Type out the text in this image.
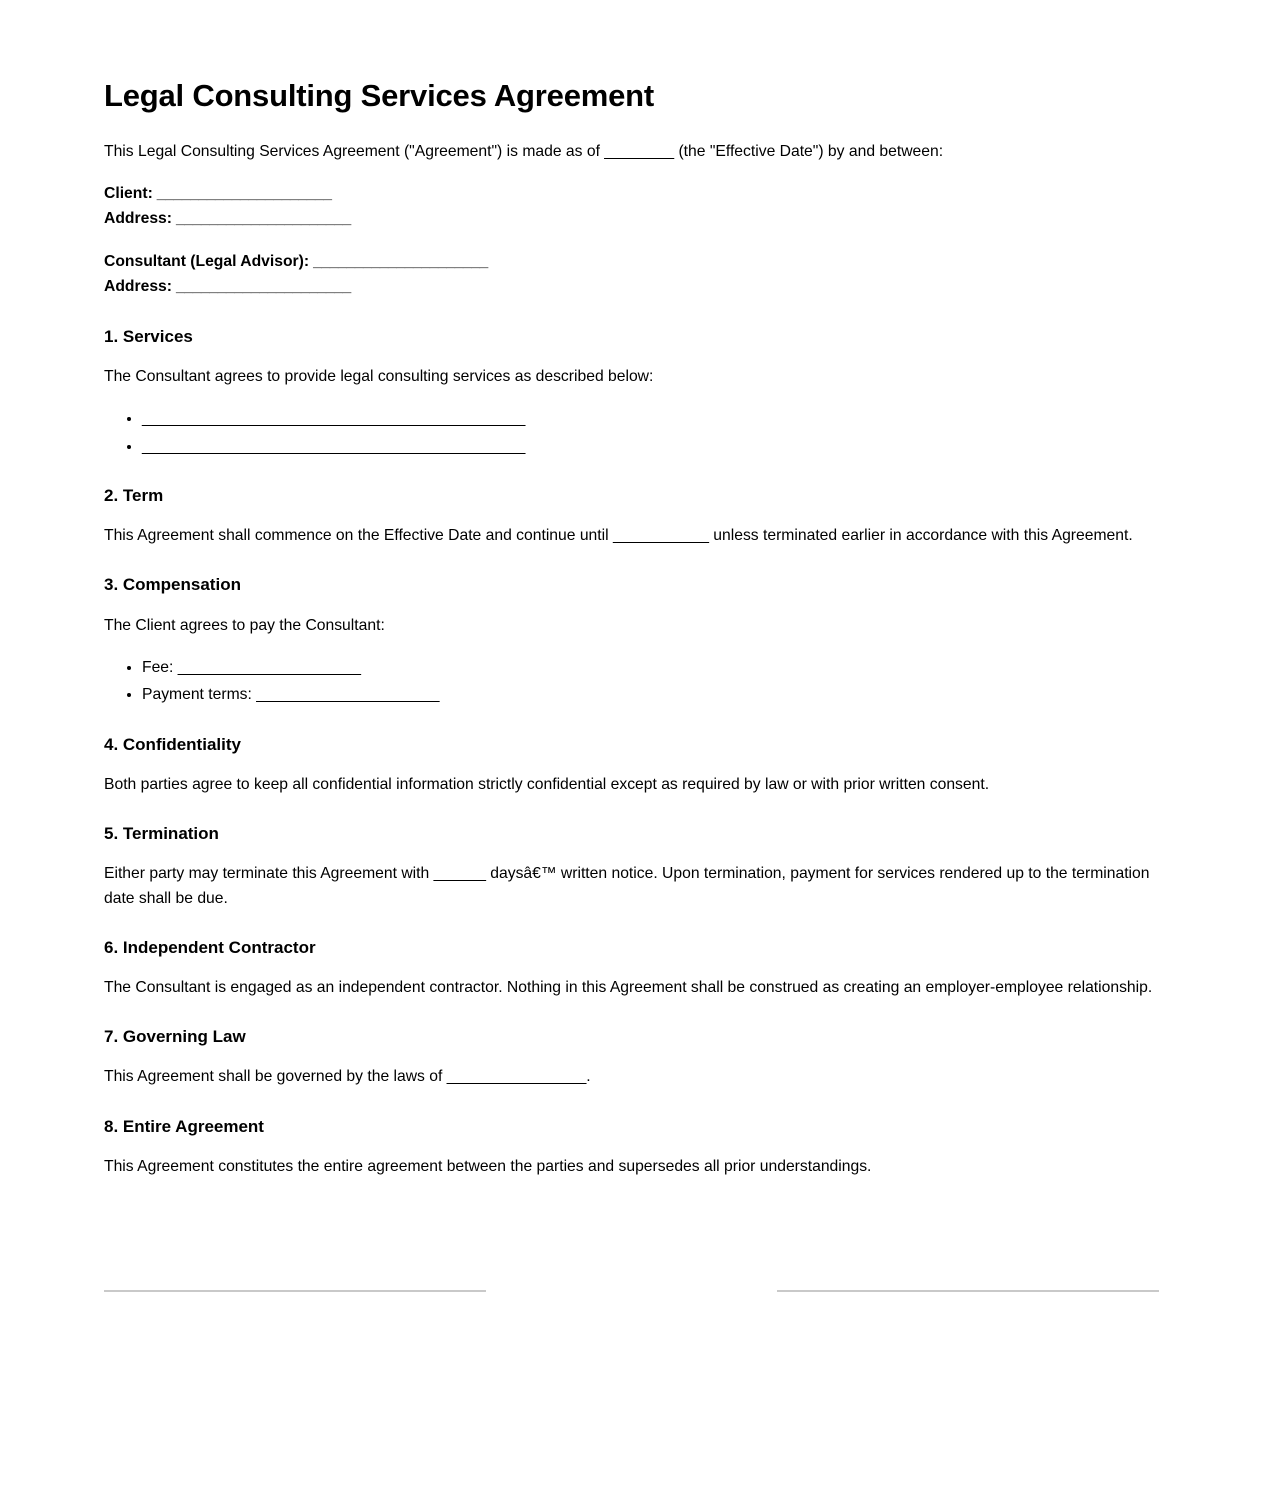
Legal Consulting Services Agreement

This Legal Consulting Services Agreement ("Agreement") is made as of ________ (the "Effective Date") by and between:

Client: _____________________
Address: _____________________
Consultant (Legal Advisor): _____________________
Address: _____________________
1. Services

The Consultant agrees to provide legal consulting services as described below:

• ______________________________________________
• ______________________________________________
2. Term

This Agreement shall commence on the Effective Date and continue until ___________ unless terminated earlier in accordance with this Agreement.

3. Compensation

The Client agrees to pay the Consultant:

• Fee: _____________________
• Payment terms: _____________________
4. Confidentiality

Both parties agree to keep all confidential information strictly confidential except as required by law or with prior written consent.

5. Termination

Either party may terminate this Agreement with ______ daysâ€™ written notice. Upon termination, payment for services rendered up to the termination date shall be due.

6. Independent Contractor

The Consultant is engaged as an independent contractor. Nothing in this Agreement shall be construed as creating an employer-employee relationship.

7. Governing Law

This Agreement shall be governed by the laws of ________________.

8. Entire Agreement

This Agreement constitutes the entire agreement between the parties and supersedes all prior understandings.
